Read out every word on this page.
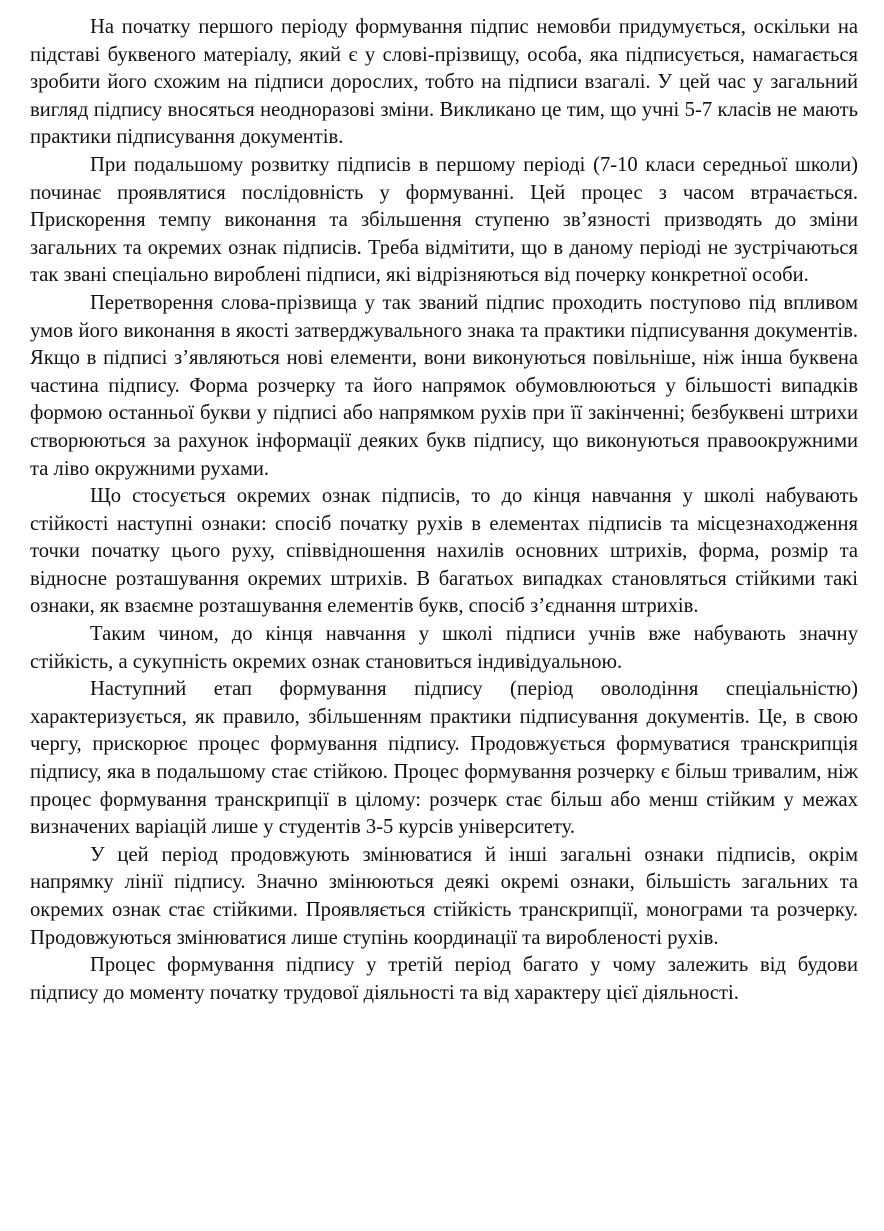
На початку першого періоду формування підпис немовби придумується, оскільки на підставі буквеного матеріалу, який є у слові-прізвищу, особа, яка підписується, намагається зробити його схожим на підписи дорослих, тобто на підписи взагалі. У цей час у загальний вигляд підпису вносяться неодноразові зміни. Викликано це тим, що учні 5-7 класів не мають практики підписування документів.

При подальшому розвитку підписів в першому періоді (7-10 класи середньої школи) починає проявлятися послідовність у формуванні. Цей процес з часом втрачається. Прискорення темпу виконання та збільшення ступеню зв’язності призводять до зміни загальних та окремих ознак підписів. Треба відмітити, що в даному періоді не зустрічаються так звані спеціально вироблені підписи, які відрізняються від почерку конкретної особи.

Перетворення слова-прізвища у так званий підпис проходить поступово під впливом умов його виконання в якості затверджувального знака та практики підписування документів. Якщо в підписі з’являються нові елементи, вони виконуються повільніше, ніж інша буквена частина підпису. Форма розчерку та його напрямок обумовлюються у більшості випадків формою останньої букви у підписі або напрямком рухів при її закінченні; безбуквені штрихи створюються за рахунок інформації деяких букв підпису, що виконуються правоокружними та ліво окружними рухами.

Що стосується окремих ознак підписів, то до кінця навчання у школі набувають стійкості наступні ознаки: спосіб початку рухів в елементах підписів та місцезнаходження точки початку цього руху, співвідношення нахилів основних штрихів, форма, розмір та відносне розташування окремих штрихів. В багатьох випадках становляться стійкими такі ознаки, як взаємне розташування елементів букв, спосіб з’єднання штрихів.

Таким чином, до кінця навчання у школі підписи учнів вже набувають значну стійкість, а сукупність окремих ознак становиться індивідуальною.

Наступний етап формування підпису (період оволодіння спеціальністю) характеризується, як правило, збільшенням практики підписування документів. Це, в свою чергу, прискорює процес формування підпису. Продовжується формуватися транскрипція підпису, яка в подальшому стає стійкою. Процес формування розчерку є більш тривалим, ніж процес формування транскрипції в цілому: розчерк стає більш або менш стійким у межах визначених варіацій лише у студентів 3-5 курсів університету.

У цей період продовжують змінюватися й інші загальні ознаки підписів, окрім напрямку лінії підпису. Значно змінюються деякі окремі ознаки, більшість загальних та окремих ознак стає стійкими. Проявляється стійкість транскрипції, монограми та розчерку. Продовжуються змінюватися лише ступінь координації та виробленості рухів.

Процес формування підпису у третій період багато у чому залежить від будови підпису до моменту початку трудової діяльності та від характеру цієї діяльності.
